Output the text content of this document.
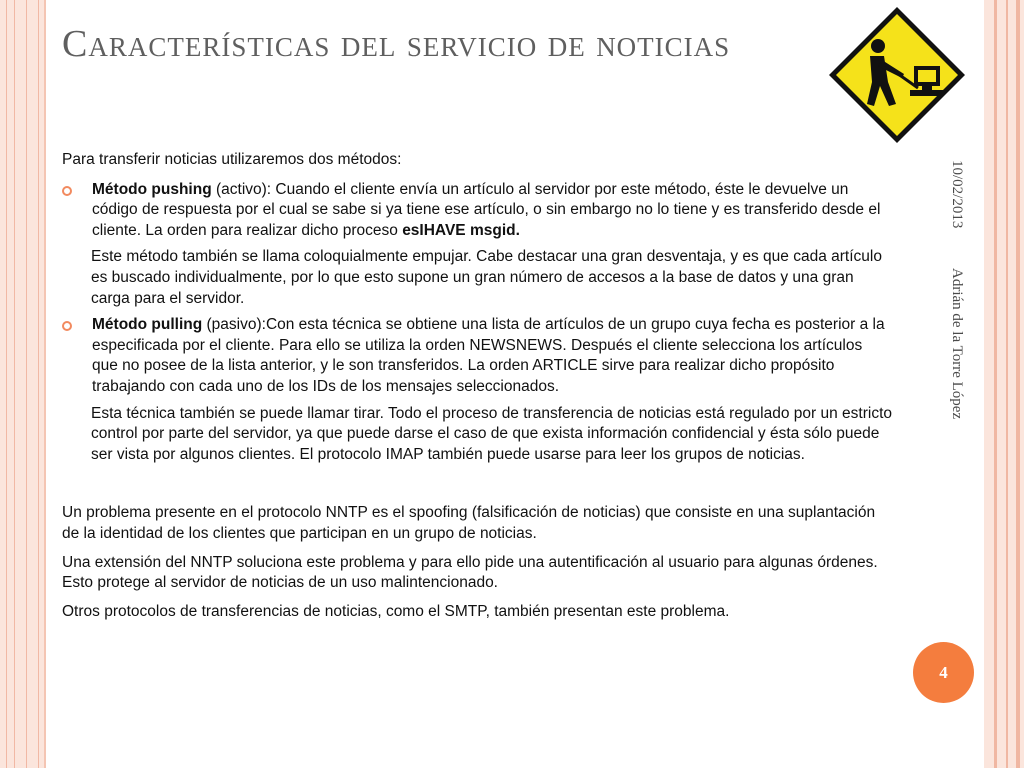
Características del servicio de noticias
10/02/2013
Adrián de la Torre López

Para transferir noticias utilizaremos dos métodos:

Método pushing (activo): Cuando el cliente envía un artículo al servidor por este método, éste le devuelve un código de respuesta por el cual se sabe si ya tiene ese artículo, o sin embargo no lo tiene y es transferido desde el cliente. La orden para realizar dicho proceso esIHAVE msgid.

Este método también se llama coloquialmente empujar. Cabe destacar una gran desventaja, y es que cada artículo es buscado individualmente, por lo que esto supone un gran número de accesos a la base de datos y una gran carga para el servidor.

Método pulling (pasivo):Con esta técnica se obtiene una lista de artículos de un grupo cuya fecha es posterior a la especificada por el cliente. Para ello se utiliza la orden NEWSNEWS. Después el cliente selecciona los artículos que no posee de la lista anterior, y le son transferidos. La orden ARTICLE sirve para realizar dicho propósito trabajando con cada uno de los IDs de los mensajes seleccionados.

Esta técnica también se puede llamar tirar. Todo el proceso de transferencia de noticias está regulado por un estricto control por parte del servidor, ya que puede darse el caso de que exista información confidencial y ésta sólo puede ser vista por algunos clientes. El protocolo IMAP también puede usarse para leer los grupos de noticias.

Un problema presente en el protocolo NNTP es el spoofing (falsificación de noticias) que consiste en una suplantación de la identidad de los clientes que participan en un grupo de noticias.

Una extensión del NNTP soluciona este problema y para ello pide una autentificación al usuario para algunas órdenes. Esto protege al servidor de noticias de un uso malintencionado.

Otros protocolos de transferencias de noticias, como el SMTP, también presentan este problema.

4
